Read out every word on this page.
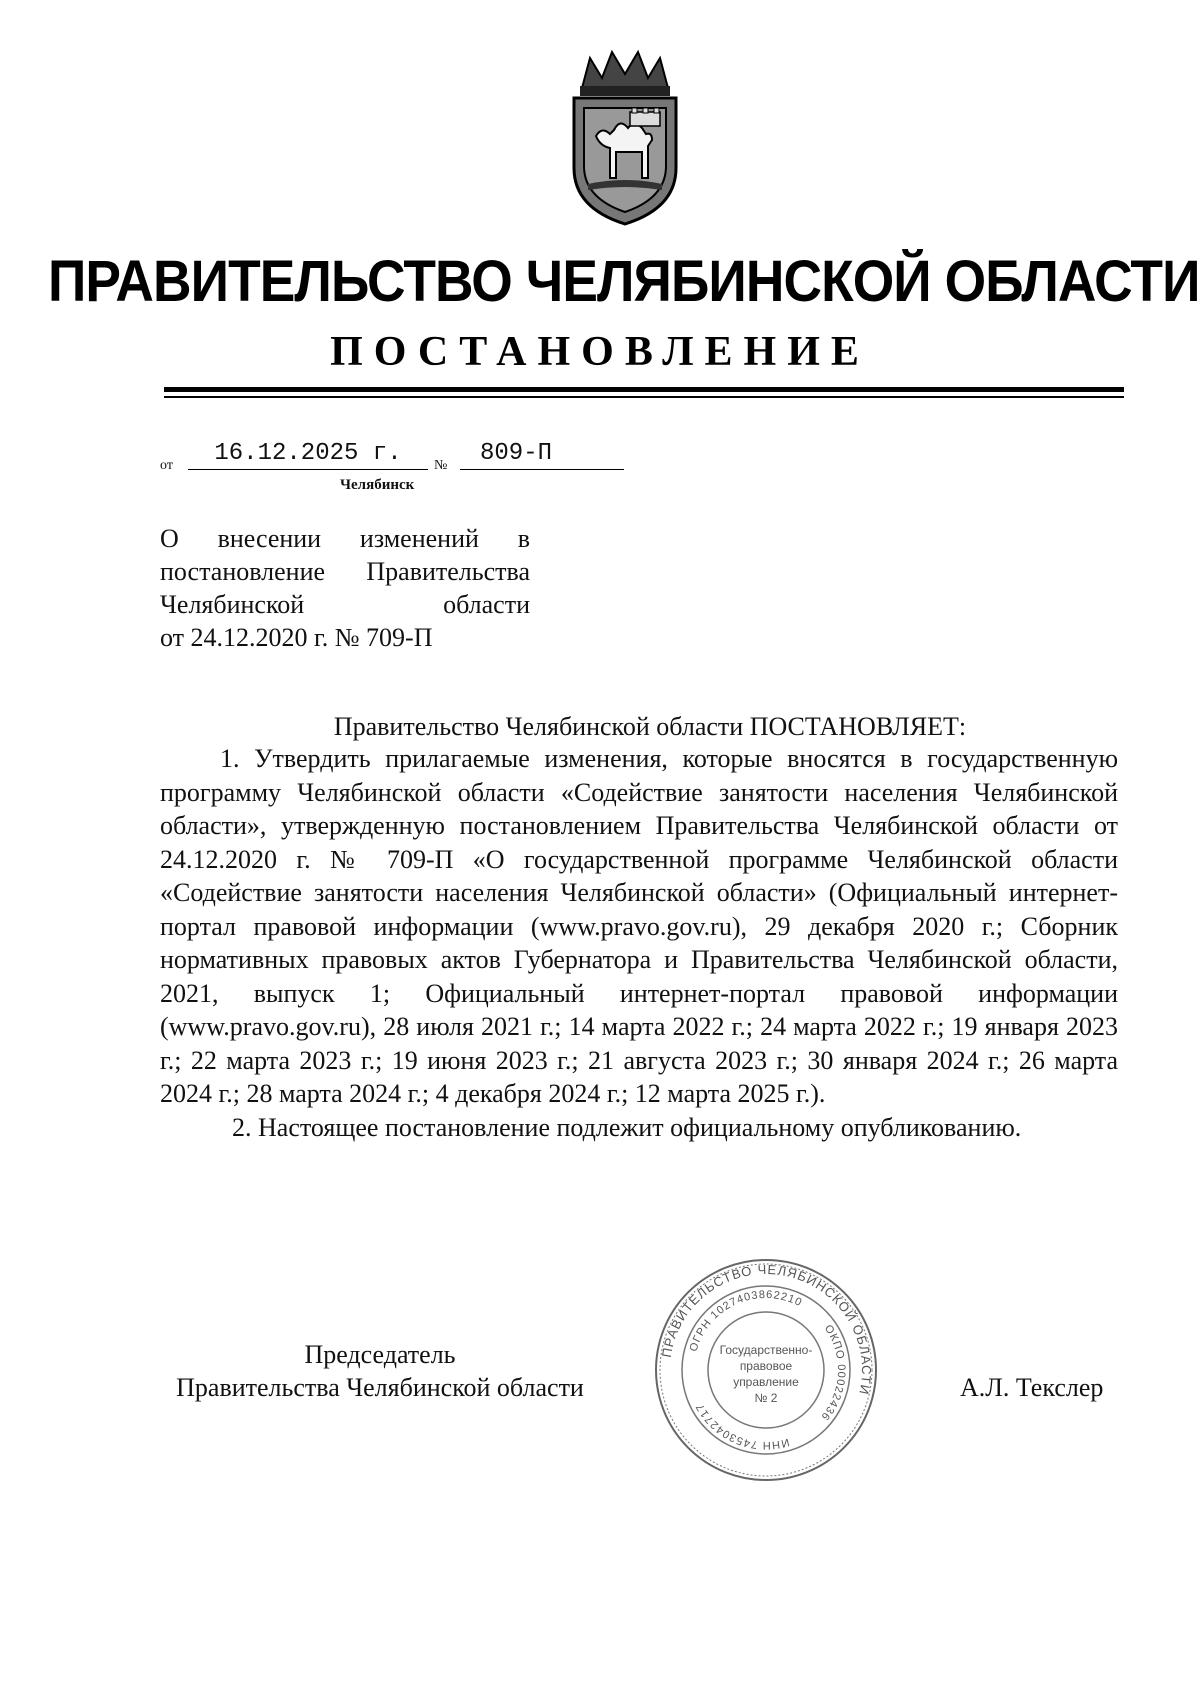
ПРАВИТЕЛЬСТВО ЧЕЛЯБИНСКОЙ ОБЛАСТИ
ПОСТАНОВЛЕНИЕ
от	16.12.2025 г.	№	809-П
Челябинск
О внесении изменений в
постановление Правительства
Челябинской области
от 24.12.2020 г. № 709-П
Правительство Челябинской области ПОСТАНОВЛЯЕТ:

1. Утвердить прилагаемые изменения, которые вносятся в государственную программу Челябинской области «Содействие занятости населения Челябинской области», утвержденную постановлением Правительства Челябинской области от 24.12.2020 г. № 709-П «О государственной программе Челябинской области «Содействие занятости населения Челябинской области» (Официальный интернет-портал правовой информации (www.pravo.gov.ru), 29 декабря 2020 г.; Сборник нормативных правовых актов Губернатора и Правительства Челябинской области, 2021, выпуск 1; Официальный интернет-портал правовой информации (www.pravo.gov.ru), 28 июля 2021 г.; 14 марта 2022 г.; 24 марта 2022 г.; 19 января 2023 г.; 22 марта 2023 г.; 19 июня 2023 г.; 21 августа 2023 г.; 30 января 2024 г.; 26 марта 2024 г.; 28 марта 2024 г.; 4 декабря 2024 г.; 12 марта 2025 г.).

2. Настоящее постановление подлежит официальному опубликованию.

Председатель
Правительства Челябинской области	А.Л. Текслер
ПРАВИТЕЛЬСТВО ЧЕЛЯБИНСКОЙ ОБЛАСТИ
ОГРН 1027403862210
ОКПО 00022436
ИНН 7453042717
Государственно-
правовое
управление
№ 2
